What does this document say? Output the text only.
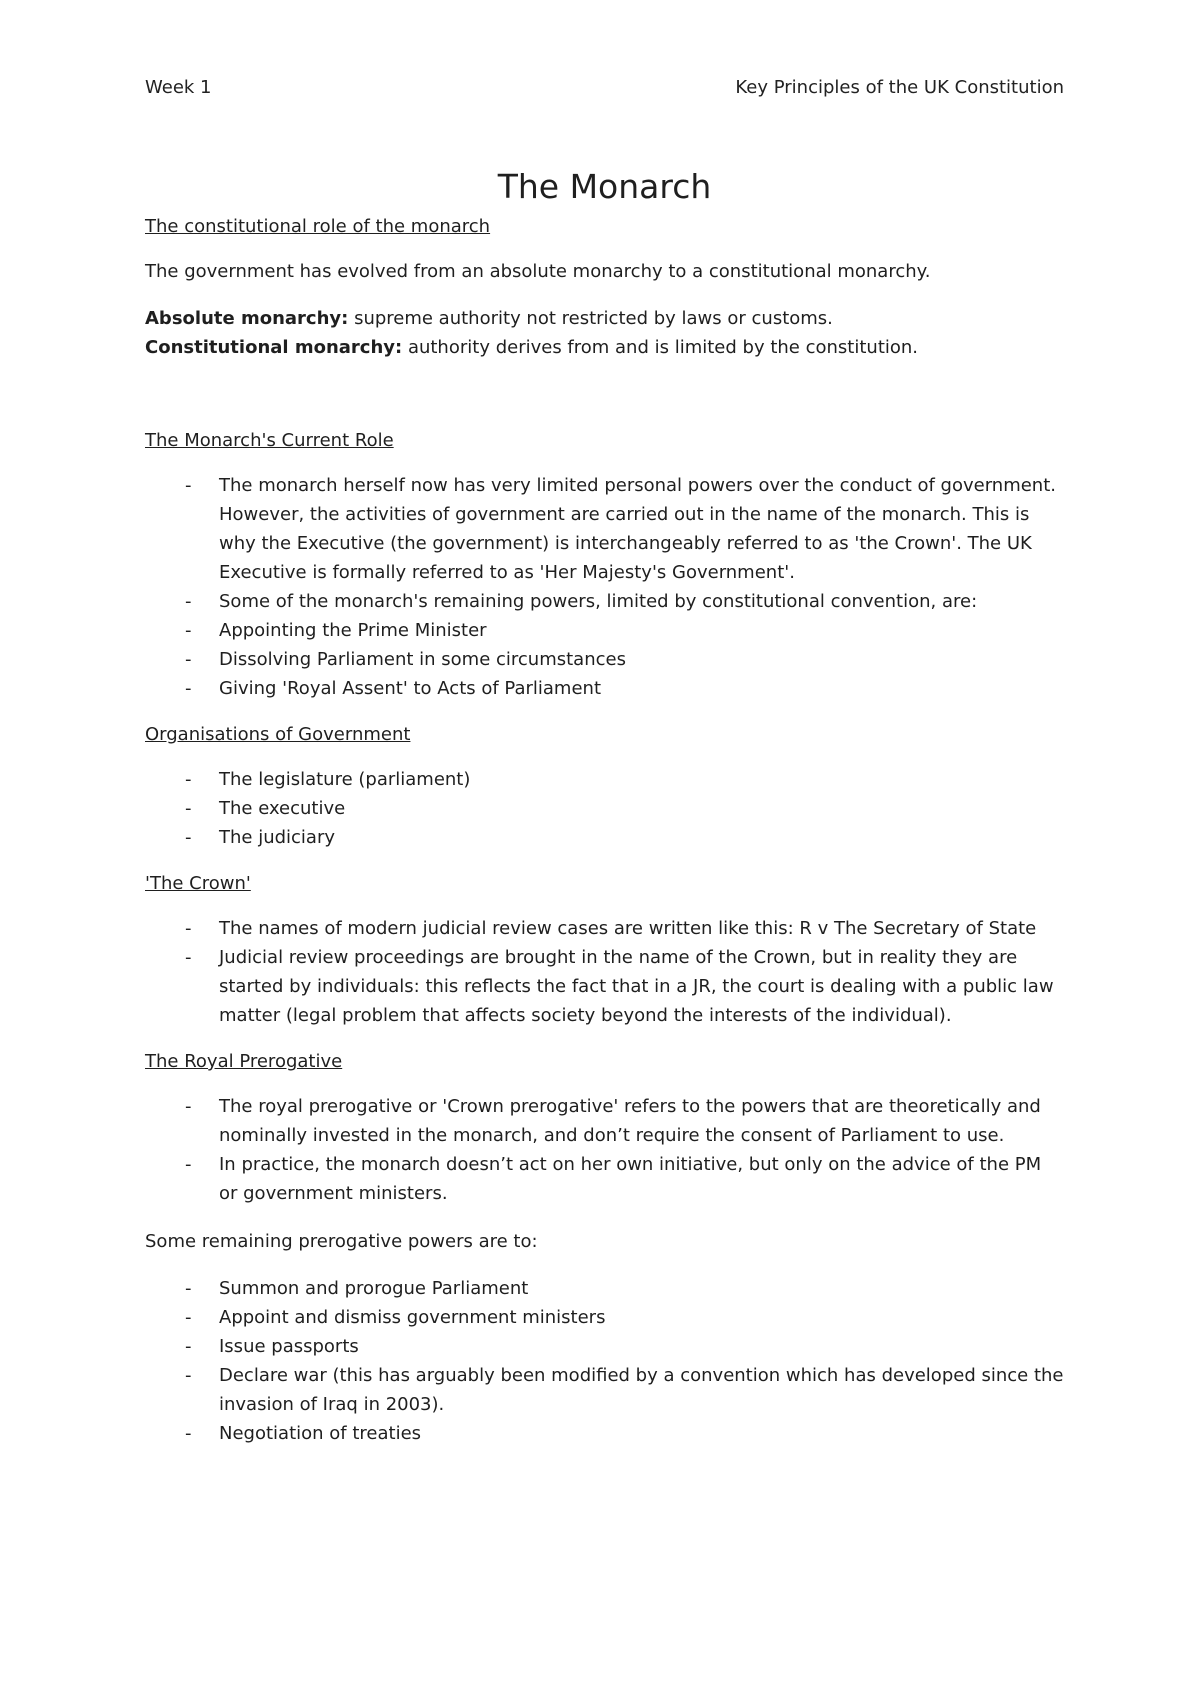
Week 1	Key Principles of the UK Constitution
The Monarch

The constitutional role of the monarch

The government has evolved from an absolute monarchy to a constitutional monarchy.

Absolute monarchy: supreme authority not restricted by laws or customs.

Constitutional monarchy: authority derives from and is limited by the constitution.

The Monarch's Current Role

- The monarch herself now has very limited personal powers over the conduct of government. However, the activities of government are carried out in the name of the monarch. This is why the Executive (the government) is interchangeably referred to as 'the Crown'. The UK Executive is formally referred to as 'Her Majesty's Government'.
- Some of the monarch's remaining powers, limited by constitutional convention, are:
- Appointing the Prime Minister
- Dissolving Parliament in some circumstances
- Giving 'Royal Assent' to Acts of Parliament

Organisations of Government

- The legislature (parliament)
- The executive
- The judiciary

'The Crown'

- The names of modern judicial review cases are written like this: R v The Secretary of State
- Judicial review proceedings are brought in the name of the Crown, but in reality they are started by individuals: this reflects the fact that in a JR, the court is dealing with a public law matter (legal problem that affects society beyond the interests of the individual).

The Royal Prerogative

- The royal prerogative or 'Crown prerogative' refers to the powers that are theoretically and nominally invested in the monarch, and don’t require the consent of Parliament to use.
- In practice, the monarch doesn’t act on her own initiative, but only on the advice of the PM or government ministers.

Some remaining prerogative powers are to:

- Summon and prorogue Parliament
- Appoint and dismiss government ministers
- Issue passports
- Declare war (this has arguably been modified by a convention which has developed since the invasion of Iraq in 2003).
- Negotiation of treaties
